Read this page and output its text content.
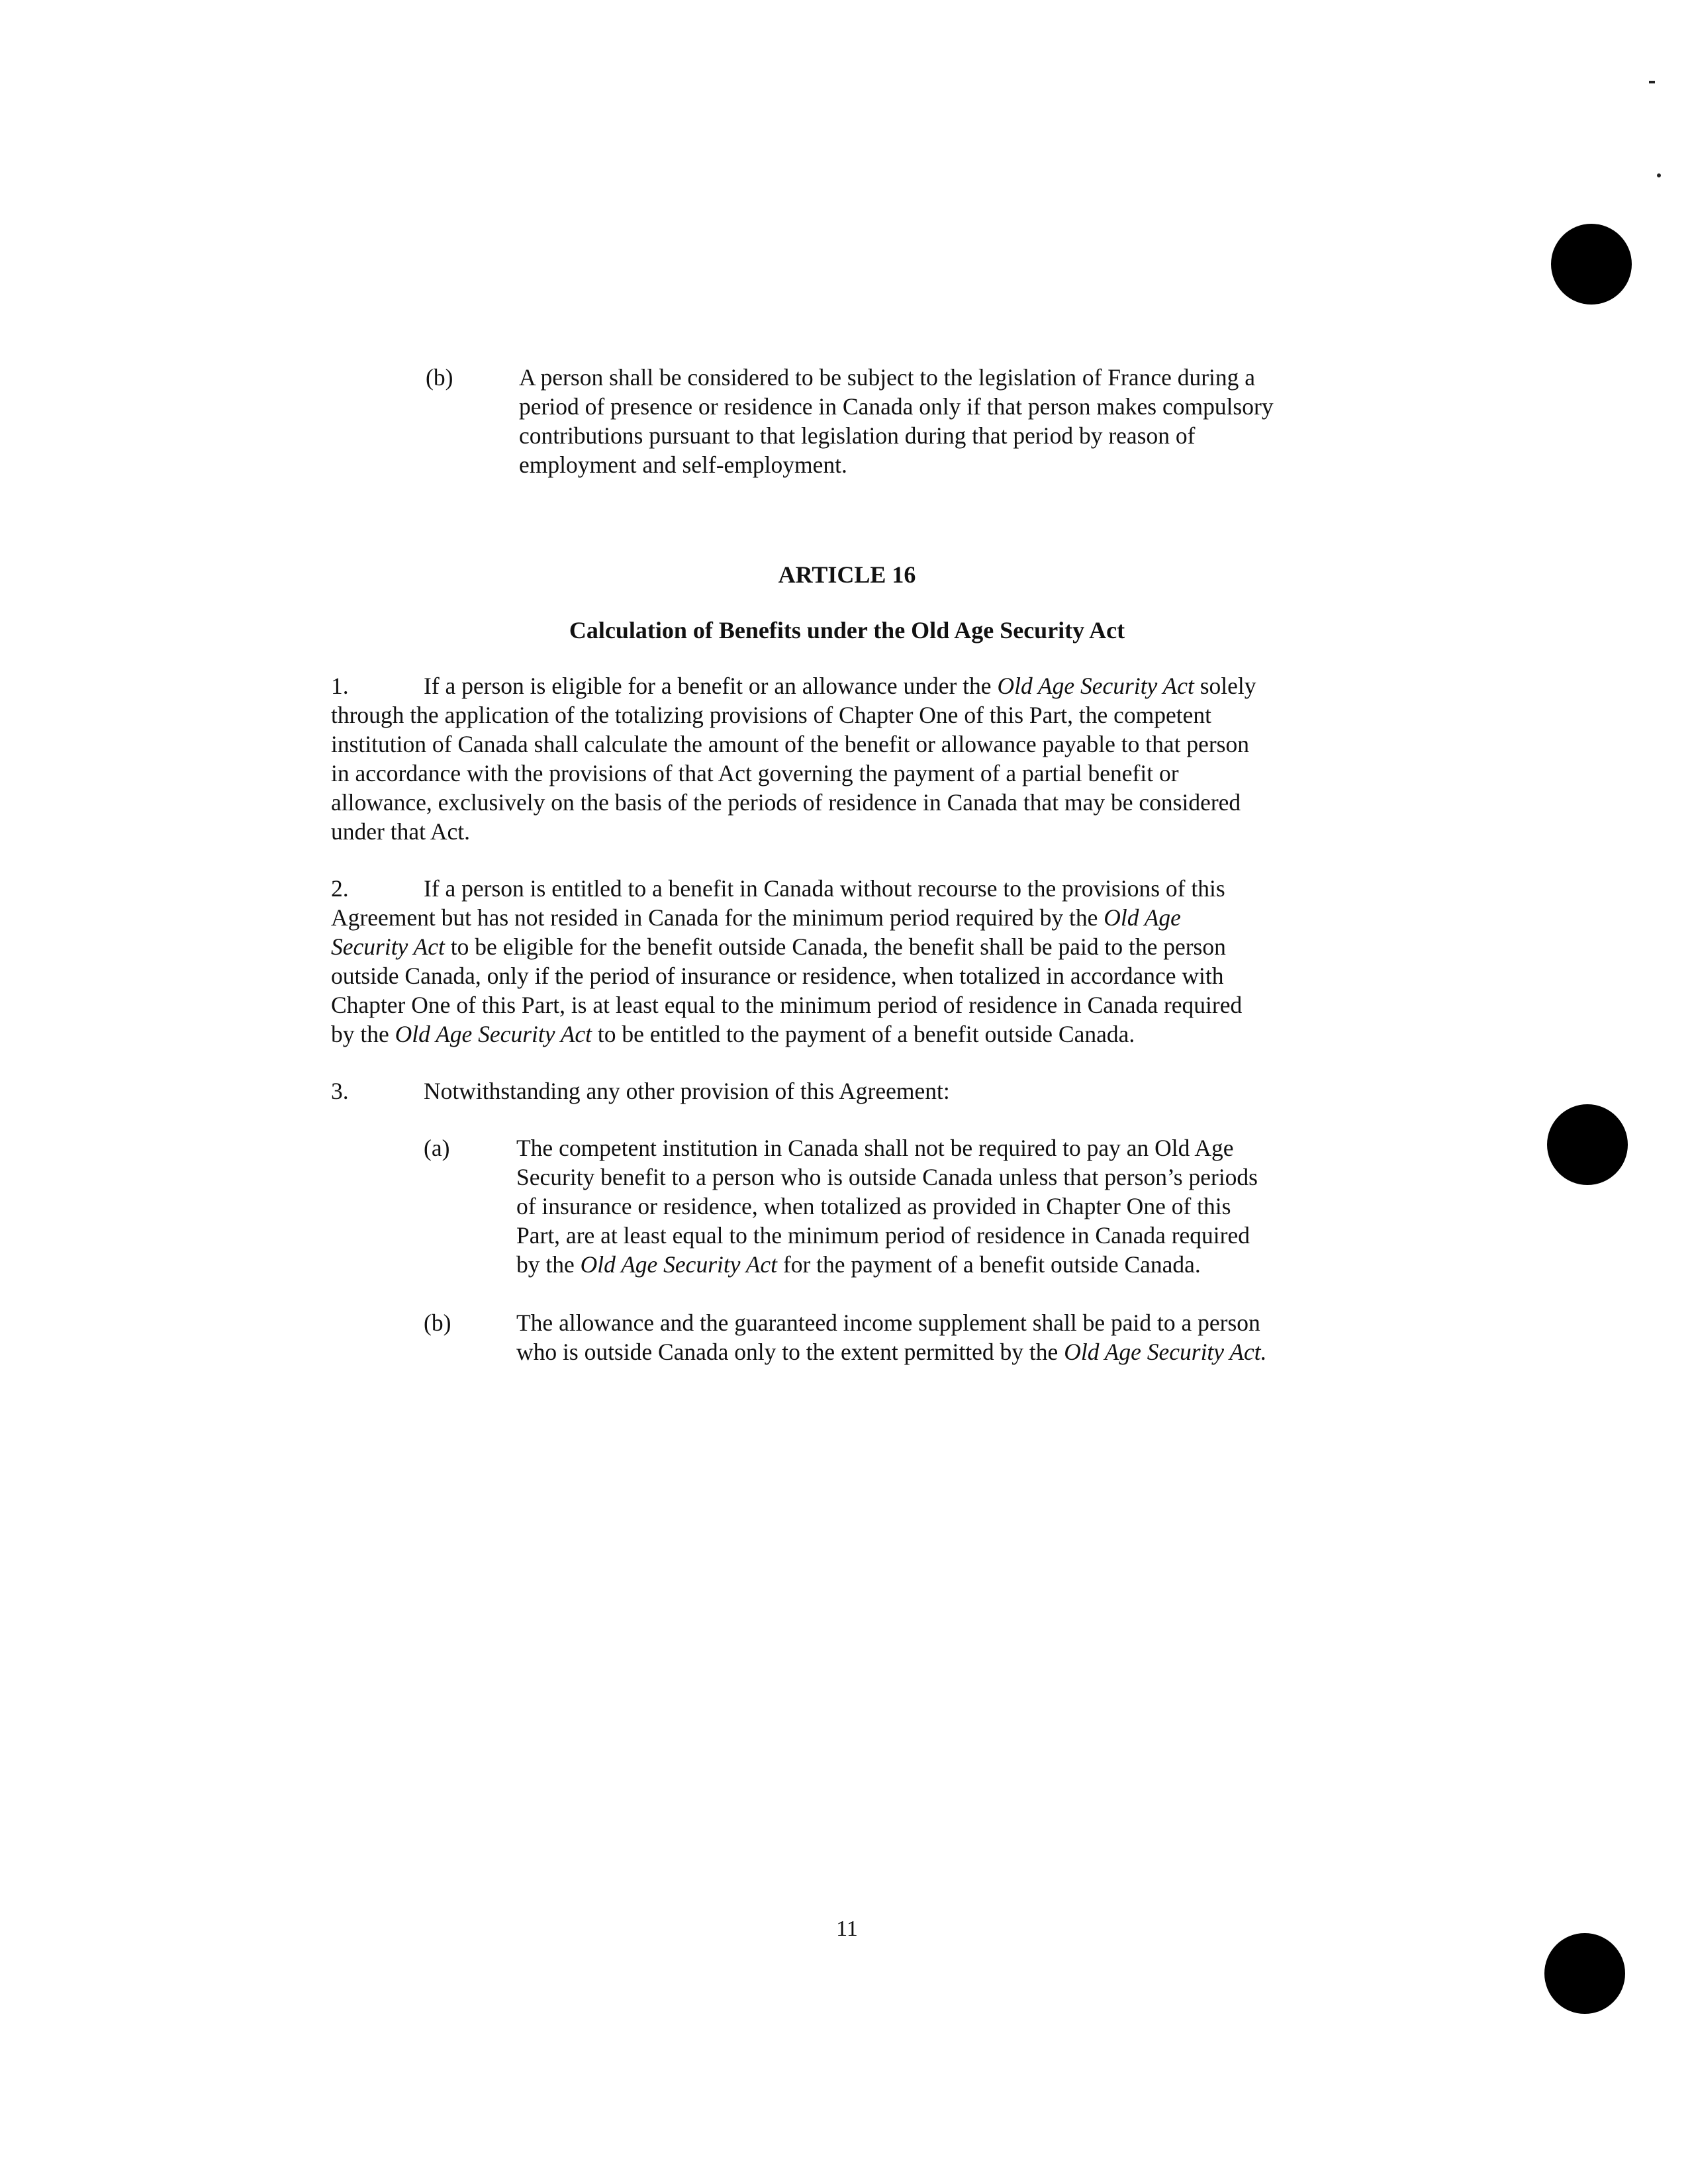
(b)	A person shall be considered to be subject to the legislation of France during a
period of presence or residence in Canada only if that person makes compulsory
contributions pursuant to that legislation during that period by reason of
employment and self-employment.
ARTICLE 16
Calculation of Benefits under the Old Age Security Act
1.	If a person is eligible for a benefit or an allowance under the Old Age Security Act solely
through the application of the totalizing provisions of Chapter One of this Part, the competent
institution of Canada shall calculate the amount of the benefit or allowance payable to that person
in accordance with the provisions of that Act governing the payment of a partial benefit or
allowance, exclusively on the basis of the periods of residence in Canada that may be considered
under that Act.
2.	If a person is entitled to a benefit in Canada without recourse to the provisions of this
Agreement but has not resided in Canada for the minimum period required by the Old Age
Security Act to be eligible for the benefit outside Canada, the benefit shall be paid to the person
outside Canada, only if the period of insurance or residence, when totalized in accordance with
Chapter One of this Part, is at least equal to the minimum period of residence in Canada required
by the Old Age Security Act to be entitled to the payment of a benefit outside Canada.
3.	Notwithstanding any other provision of this Agreement:
(a)	The competent institution in Canada shall not be required to pay an Old Age
Security benefit to a person who is outside Canada unless that person’s periods
of insurance or residence, when totalized as provided in Chapter One of this
Part, are at least equal to the minimum period of residence in Canada required
by the Old Age Security Act for the payment of a benefit outside Canada.
(b)	The allowance and the guaranteed income supplement shall be paid to a person
who is outside Canada only to the extent permitted by the Old Age Security Act.
11
